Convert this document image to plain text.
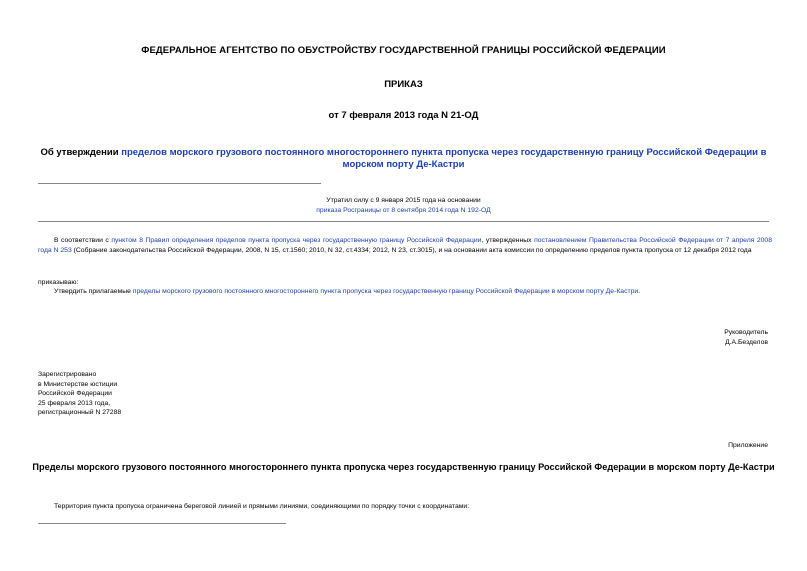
ФЕДЕРАЛЬНОЕ АГЕНТСТВО ПО ОБУСТРОЙСТВУ ГОСУДАРСТВЕННОЙ ГРАНИЦЫ РОССИЙСКОЙ ФЕДЕРАЦИИ
ПРИКАЗ
от 7 февраля 2013 года N 21-ОД
Об утверждении пределов морского грузового постоянного многостороннего пункта пропуска через государственную границу Российской Федерации в морском порту Де-Кастри
Утратил силу с 9 января 2015 года на основании
приказа Росграницы от 8 сентября 2014 года N 192-ОД
В соответствии с пунктом 8 Правил определения пределов пункта пропуска через государственную границу Российской Федерации, утвержденных постановлением Правительства Российской Федерации от 7 апреля 2008 года N 253 (Собрание законодательства Российской Федерации, 2008, N 15, ст.1560; 2010, N 32, ст.4334; 2012, N 23, ст.3015), и на основании акта комиссии по определению пределов пункта пропуска от 12 декабря 2012 года
приказываю:
Утвердить прилагаемые пределы морского грузового постоянного многостороннего пункта пропуска через государственную границу Российской Федерации в морском порту Де-Кастри.
Руководитель
Д.А.Безделов
Зарегистрировано
в Министерстве юстиции
Российской Федерации
25 февраля 2013 года,
регистрационный N 27288
Приложение
Пределы морского грузового постоянного многостороннего пункта пропуска через государственную границу Российской Федерации в морском порту Де-Кастри
Территория пункта пропуска ограничена береговой линией и прямыми линиями, соединяющими по порядку точки с координатами:
